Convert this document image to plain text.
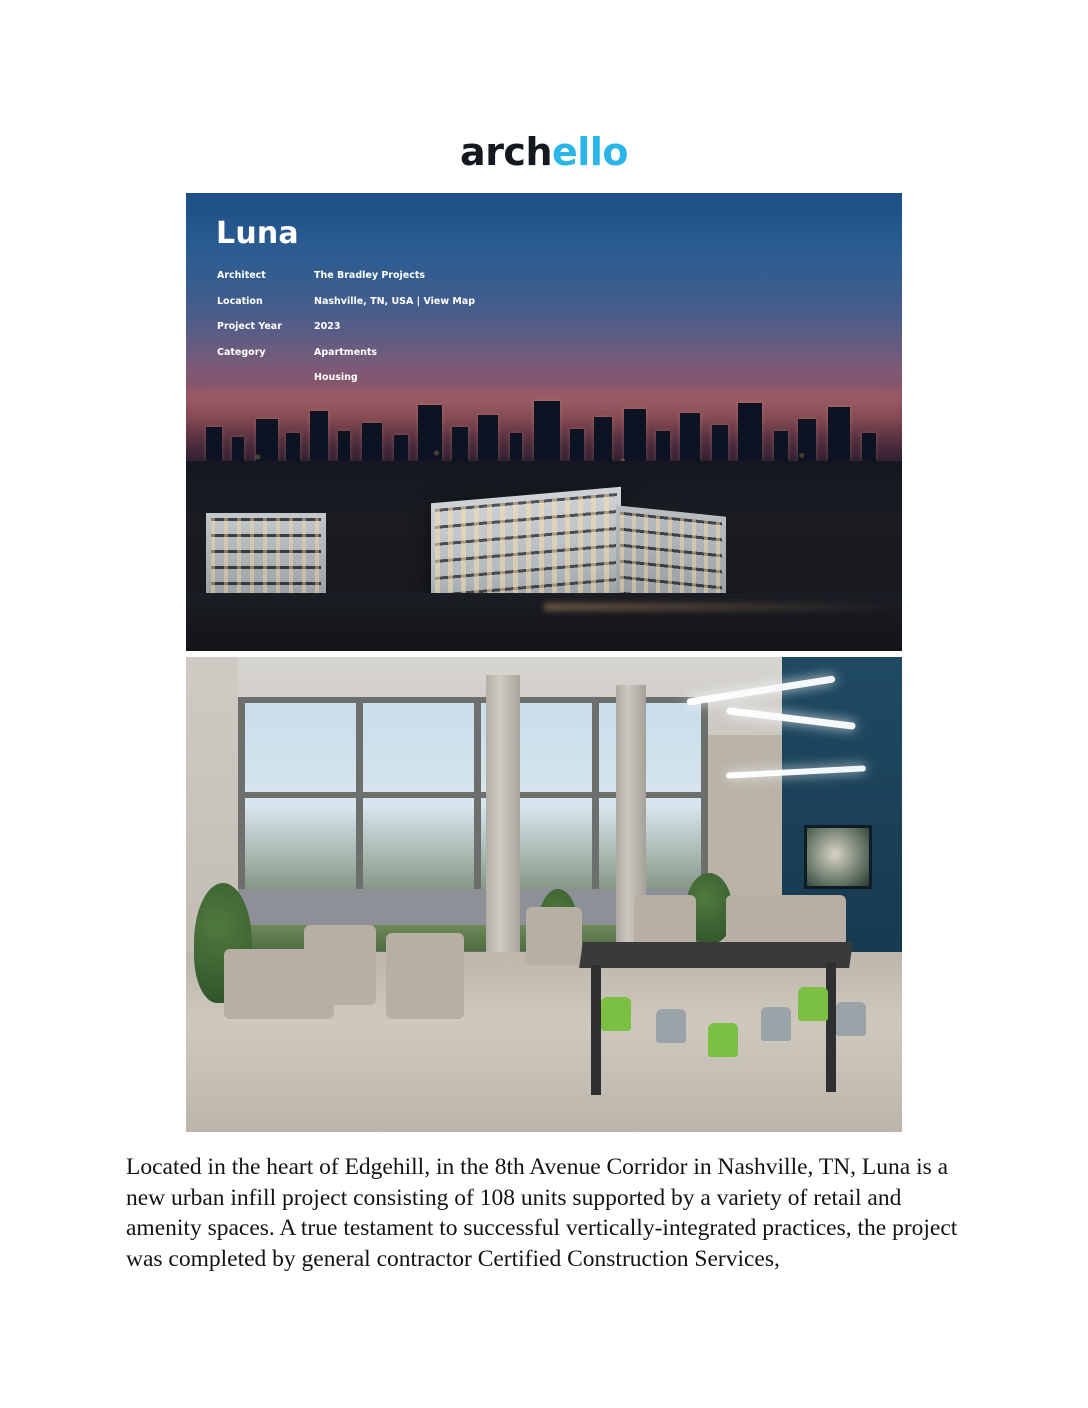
archello
Luna
Architect	The Bradley Projects
Location	Nashville, TN, USA | View Map
Project Year	2023
Category	Apartments
Housing
Located in the heart of Edgehill, in the 8th Avenue Corridor in Nashville, TN, Luna is a new urban infill project consisting of 108 units supported by a variety of retail and amenity spaces. A true testament to successful vertically-integrated practices, the project was completed by general contractor Certified Construction Services,
